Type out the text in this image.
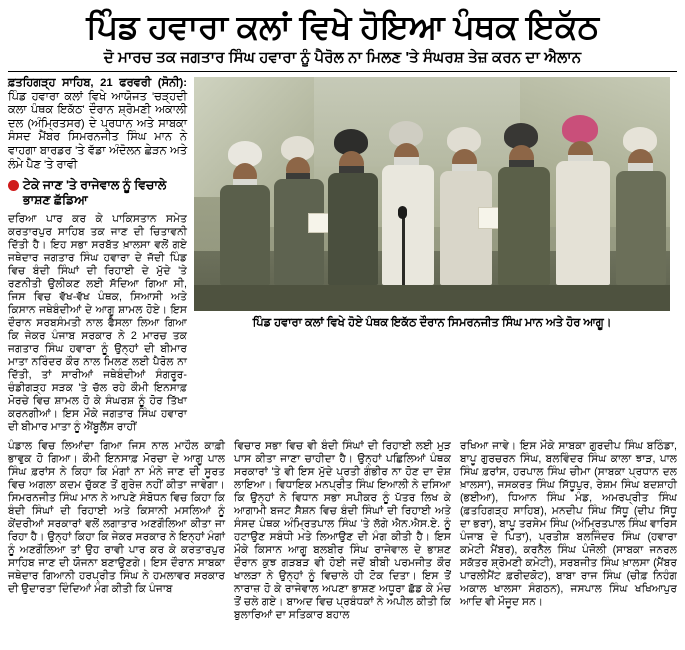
ਪਿੰਡ ਹਵਾਰਾ ਕਲਾਂ ਵਿਖੇ ਹੋਇਆ ਪੰਥਕ ਇਕੱਠ
ਦੋ ਮਾਰਚ ਤਕ ਜਗਤਾਰ ਸਿੰਘ ਹਵਾਰਾ ਨੂੰ ਪੈਰੋਲ ਨਾ ਮਿਲਣ 'ਤੇ ਸੰਘਰਸ਼ ਤੇਜ਼ ਕਰਨ ਦਾ ਐਲਾਨ

ਫ਼ਤਹਿਗੜ੍ਹ ਸਾਹਿਬ, 21 ਫਰਵਰੀ (ਸੋਨੀ): ਪਿੰਡ ਹਵਾਰਾ ਕਲਾਂ ਵਿਖੇ ਆਯੋਜਤ 'ਚੜ੍ਹਦੀ ਕਲਾ ਪੰਥਕ ਇਕੱਠ' ਦੌਰਾਨ ਸ਼੍ਰੋਮਣੀ ਅਕਾਲੀ ਦਲ (ਅੰਮ੍ਰਿਤਸਰ) ਦੇ ਪ੍ਰਧਾਨ ਅਤੇ ਸਾਬਕਾ ਸੰਸਦ ਮੈਂਬਰ ਸਿਮਰਨਜੀਤ ਸਿੰਘ ਮਾਨ ਨੇ ਵਾਹਗਾ ਬਾਰਡਰ 'ਤੇ ਵੱਡਾ ਅੰਦੋਲਨ ਛੇੜਨ ਅਤੇ ਲੰਮੇ ਪੈਣ 'ਤੇ ਰਾਵੀ

ਟੇਕੇ ਜਾਣ 'ਤੇ ਰਾਜੇਵਾਲ ਨੂੰ ਵਿਚਾਲੇ ਭਾਸ਼ਣ ਛੱਡਿਆ

ਦਰਿਆ ਪਾਰ ਕਰ ਕੇ ਪਾਕਿਸਤਾਨ ਸਮੇਤ ਕਰਤਾਰਪੁਰ ਸਾਹਿਬ ਤਕ ਜਾਣ ਦੀ ਚਿਤਾਵਨੀ ਦਿੱਤੀ ਹੈ। ਇਹ ਸਭਾ ਸਰਬੱਤ ਖ਼ਾਲਸਾ ਵਲੋਂ ਗਏ ਜਥੇਦਾਰ ਜਗਤਾਰ ਸਿੰਘ ਹਵਾਰਾ ਦੇ ਜੱਦੀ ਪਿੰਡ ਵਿਚ ਬੰਦੀ ਸਿੰਘਾਂ ਦੀ ਰਿਹਾਈ ਦੇ ਮੁੱਦੇ 'ਤੇ ਰਣਨੀਤੀ ਉਲੀਕਣ ਲਈ ਸੱਦਿਆ ਗਿਆ ਸੀ, ਜਿਸ ਵਿਚ ਵੱਖ-ਵੱਖ ਪੰਥਕ, ਸਿਆਸੀ ਅਤੇ ਕਿਸਾਨ ਜਥੇਬੰਦੀਆਂ ਦੇ ਆਗੂ ਸ਼ਾਮਲ ਹੋਏ। ਇਸ ਦੌਰਾਨ ਸਰਬਸੰਮਤੀ ਨਾਲ ਫੈਸਲਾ ਲਿਆ ਗਿਆ ਕਿ ਜੇਕਰ ਪੰਜਾਬ ਸਰਕਾਰ ਨੇ 2 ਮਾਰਚ ਤਕ ਜਗਤਾਰ ਸਿੰਘ ਹਵਾਰਾ ਨੂੰ ਉਨ੍ਹਾਂ ਦੀ ਬੀਮਾਰ ਮਾਤਾ ਨਰਿੰਦਰ ਕੌਰ ਨਾਲ ਮਿਲਣ ਲਈ ਪੈਰੋਲ ਨਾ ਦਿੱਤੀ, ਤਾਂ ਸਾਰੀਆਂ ਜਥੇਬੰਦੀਆਂ ਸੰਗਰੂਰ-ਚੰਡੀਗੜ੍ਹ ਸੜਕ 'ਤੇ ਚੱਲ ਰਹੇ ਕੌਮੀ ਇਨਸਾਫ਼ ਮੋਰਚੇ ਵਿਚ ਸ਼ਾਮਲ ਹੋ ਕੇ ਸੰਘਰਸ਼ ਨੂੰ ਹੋਰ ਤਿੱਖਾ ਕਰਨਗੀਆਂ। ਇਸ ਮੌਕੇ ਜਗਤਾਰ ਸਿੰਘ ਹਵਾਰਾ ਦੀ ਬੀਮਾਰ ਮਾਤਾ ਨੂੰ ਐਂਬੂਲੈਂਸ ਰਾਹੀਂ

ਪਿੰਡ ਹਵਾਰਾ ਕਲਾਂ ਵਿਖੇ ਹੋਏ ਪੰਥਕ ਇਕੱਠ ਦੌਰਾਨ ਸਿਮਰਨਜੀਤ ਸਿੰਘ ਮਾਨ ਅਤੇ ਹੋਰ ਆਗੂ।

ਪੰਡਾਲ ਵਿਚ ਲਿਆਂਦਾ ਗਿਆ ਜਿਸ ਨਾਲ ਮਾਹੌਲ ਕਾਫ਼ੀ ਭਾਵੁਕ ਹੋ ਗਿਆ। ਕੌਮੀ ਇਨਸਾਫ਼ ਮੋਰਚਾ ਦੇ ਆਗੂ ਪਾਲ ਸਿੰਘ ਫ਼ਰਾਂਸ ਨੇ ਕਿਹਾ ਕਿ ਮੰਗਾਂ ਨਾ ਮੰਨੇ ਜਾਣ ਦੀ ਸੂਰਤ ਵਿਚ ਅਗਲਾ ਕਦਮ ਚੁੱਕਣ ਤੋਂ ਗੁਰੇਜ਼ ਨਹੀਂ ਕੀਤਾ ਜਾਵੇਗਾ। ਸਿਮਰਨਜੀਤ ਸਿੰਘ ਮਾਨ ਨੇ ਆਪਣੇ ਸੰਬੋਧਨ ਵਿਚ ਕਿਹਾ ਕਿ ਬੰਦੀ ਸਿੰਘਾਂ ਦੀ ਰਿਹਾਈ ਅਤੇ ਕਿਸਾਨੀ ਮਸਲਿਆਂ ਨੂੰ ਕੇਂਦਰੀਆਂ ਸਰਕਾਰਾਂ ਵਲੋਂ ਲਗਾਤਾਰ ਅਣਗੌਲਿਆ ਕੀਤਾ ਜਾ ਰਿਹਾ ਹੈ। ਉਨ੍ਹਾਂ ਕਿਹਾ ਕਿ ਜੇਕਰ ਸਰਕਾਰ ਨੇ ਇਨ੍ਹਾਂ ਮੰਗਾਂ ਨੂੰ ਅਣਗੌਲਿਆ ਤਾਂ ਉਹ ਰਾਵੀ ਪਾਰ ਕਰ ਕੇ ਕਰਤਾਰਪੁਰ ਸਾਹਿਬ ਜਾਣ ਦੀ ਯੋਜਨਾ ਬਣਾਉਣਗੇ। ਇਸ ਦੌਰਾਨ ਸਾਬਕਾ ਜਥੇਦਾਰ ਗਿਆਨੀ ਹਰਪ੍ਰੀਤ ਸਿੰਘ ਨੇ ਹਮਲਾਵਰ ਸਰਕਾਰ ਦੀ ਉਦਾਰਤਾ ਦਿੰਦਿਆਂ ਮੰਗ ਕੀਤੀ ਕਿ ਪੰਜਾਬ

ਵਿਚਾਰ ਸਭਾ ਵਿਚ ਵੀ ਬੰਦੀ ਸਿੰਘਾਂ ਦੀ ਰਿਹਾਈ ਲਈ ਮੁੜ ਪਾਸ ਕੀਤਾ ਜਾਣਾ ਚਾਹੀਦਾ ਹੈ। ਉਨ੍ਹਾਂ ਪਛਿਲਿਆਂ ਪੰਥਕ ਸਰਕਾਰਾਂ 'ਤੇ ਵੀ ਇਸ ਮੁੱਦੇ ਪ੍ਰਤੀ ਗੰਭੀਰ ਨਾ ਹੋਣ ਦਾ ਦੋਸ਼ ਲਾਇਆ। ਵਿਧਾਇਕ ਮਨਪ੍ਰੀਤ ਸਿੰਘ ਇਆਲੀ ਨੇ ਦਸਿਆ ਕਿ ਉਨ੍ਹਾਂ ਨੇ ਵਿਧਾਨ ਸਭਾ ਸਪੀਕਰ ਨੂੰ ਪੱਤਰ ਲਿਖ ਕੇ ਆਗਾਮੀ ਬਜਟ ਸੈਸ਼ਨ ਵਿਚ ਬੰਦੀ ਸਿੰਘਾਂ ਦੀ ਰਿਹਾਈ ਅਤੇ ਸੰਸਦ ਪੰਥਕ ਅੰਮ੍ਰਿਤਪਾਲ ਸਿੰਘ 'ਤੇ ਲੱਗੇ ਐਨ.ਐਸ.ਏ. ਨੂੰ ਹਟਾਉਣ ਸਬੰਧੀ ਮਤੇ ਲਿਆਉਣ ਦੀ ਮੰਗ ਕੀਤੀ ਹੈ। ਇਸ ਮੌਕੇ ਕਿਸਾਨ ਆਗੂ ਬਲਬੀਰ ਸਿੰਘ ਰਾਜੇਵਾਲ ਦੇ ਭਾਸ਼ਣ ਦੌਰਾਨ ਕੁਝ ਗੜਬੜ ਵੀ ਹੋਈ ਜਦੋਂ ਬੀਬੀ ਪਰਮਜੀਤ ਕੌਰ ਖਾਲੜਾ ਨੇ ਉਨ੍ਹਾਂ ਨੂੰ ਵਿਚਾਲੇ ਹੀ ਟੋਕ ਦਿਤਾ। ਇਸ ਤੋਂ ਨਾਰਾਜ਼ ਹੋ ਕੇ ਰਾਜੇਵਾਲ ਅਪਣਾ ਭਾਸ਼ਣ ਅਧੂਰਾ ਛੱਡ ਕੇ ਮੰਚ ਤੋਂ ਚਲੇ ਗਏ। ਬਾਅਦ ਵਿਚ ਪ੍ਰਬੰਧਕਾਂ ਨੇ ਅਪੀਲ ਕੀਤੀ ਕਿ ਬੁਲਾਰਿਆਂ ਦਾ ਸਤਿਕਾਰ ਬਹਾਲ

ਰਖਿਆ ਜਾਵੇ। ਇਸ ਮੌਕੇ ਸਾਬਕਾ ਗੁਰਦੀਪ ਸਿੰਘ ਬਠਿੰਡਾ, ਬਾਪੂ ਗੁਰਚਰਨ ਸਿੰਘ, ਬਲਵਿੰਦਰ ਸਿੰਘ ਕਾਲਾ ਝਾੜ, ਪਾਲ ਸਿੰਘ ਫ਼ਰਾਂਸ, ਹਰਪਾਲ ਸਿੰਘ ਚੀਮਾ (ਸਾਬਕਾ ਪ੍ਰਧਾਨ ਦਲ ਖ਼ਾਲਸਾ), ਜਸਕਰਤ ਸਿੰਘ ਸਿੱਧੂਪੁਰ, ਰੇਸ਼ਮ ਸਿੰਘ ਬਦਸ਼ਾਹੀ (ਭਈਆ), ਧਿਆਨ ਸਿੰਘ ਮੰਡ, ਅਮਰਪ੍ਰੀਤ ਸਿੰਘ (ਫ਼ਤਹਿਗੜ੍ਹ ਸਾਹਿਬ), ਮਨਦੀਪ ਸਿੰਘ ਸਿੱਧੂ (ਦੀਪ ਸਿੱਧੂ ਦਾ ਭਰਾ), ਬਾਪੂ ਤਰਸੇਮ ਸਿੰਘ (ਅੰਮ੍ਰਿਤਪਾਲ ਸਿੰਘ ਵਾਰਿਸ ਪੰਜਾਬ ਦੇ ਪਿਤਾ), ਪ੍ਰਤੀਸ਼ ਬਲਜਿੰਦਰ ਸਿੰਘ (ਹਵਾਰਾ ਕਮੇਟੀ ਮੈਂਬਰ), ਕਰਨੈਲ ਸਿੰਘ ਪੰਜੋਲੀ (ਸਾਬਕਾ ਜਨਰਲ ਸਕੱਤਰ ਸ਼੍ਰੋਮਣੀ ਕਮੇਟੀ), ਸਰਬਜੀਤ ਸਿੰਘ ਖ਼ਾਲਸਾ (ਮੈਂਬਰ ਪਾਰਲੀਮੈਂਟ ਫ਼ਰੀਦਕੋਟ), ਬਾਬਾ ਰਾਜ ਸਿੰਘ (ਚੀਫ਼ ਨਿਹੰਗ ਅਕਾਲ ਖਾਲਸਾ ਸੰਗਠਨ), ਜਸਪਾਲ ਸਿੰਘ ਖਖਿਆਪੁਰ ਆਦਿ ਵੀ ਮੌਜੂਦ ਸਨ।
